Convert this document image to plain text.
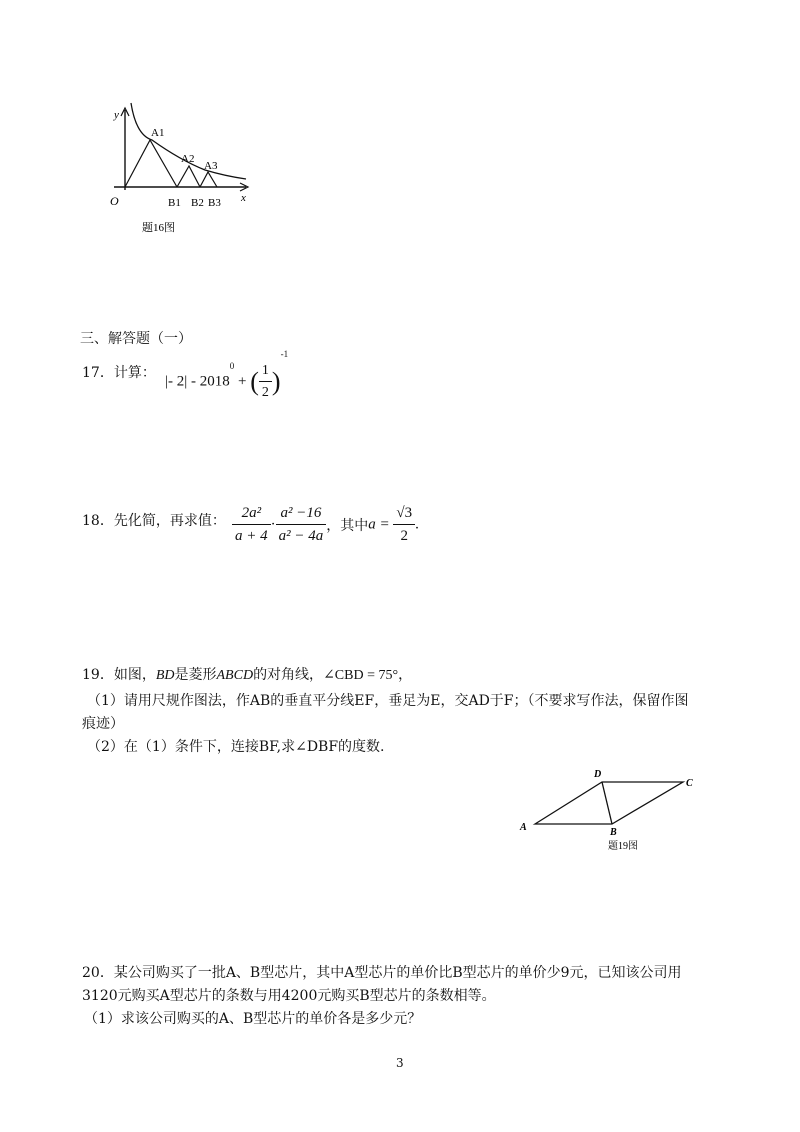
y
x
O
A1
A2
A3
B1 B2 B3
题16图
三、解答题（一）
17．计算：
|- $2| - 2018^0$ + ( $\frac{1}{2} )^{-1}$
18．先化简，再求值： $\frac{\text{2a²}}{a + 4} \cdot \frac{\text{a² −16}}{\text{a² − 4a}}$ ，其中$a = \frac{√3}{2}$ .
19．如图，BD是菱形ABCD的对角线，∠CBD = 75°，
（1）请用尺规作图法，作AB的垂直平分线EF，垂足为E，交AD于F；（不要求写作法，保留作图
痕迹）
（2）在（1）条件下，连接BF,求∠DBF的度数.
A	B
C
D
题19图
20．某公司购买了一批A、B型芯片，其中A型芯片的单价比B型芯片的单价少9元，已知该公司用
3120元购买A型芯片的条数与用4200元购买B型芯片的条数相等。
（1）求该公司购买的A、B型芯片的单价各是多少元？
3
